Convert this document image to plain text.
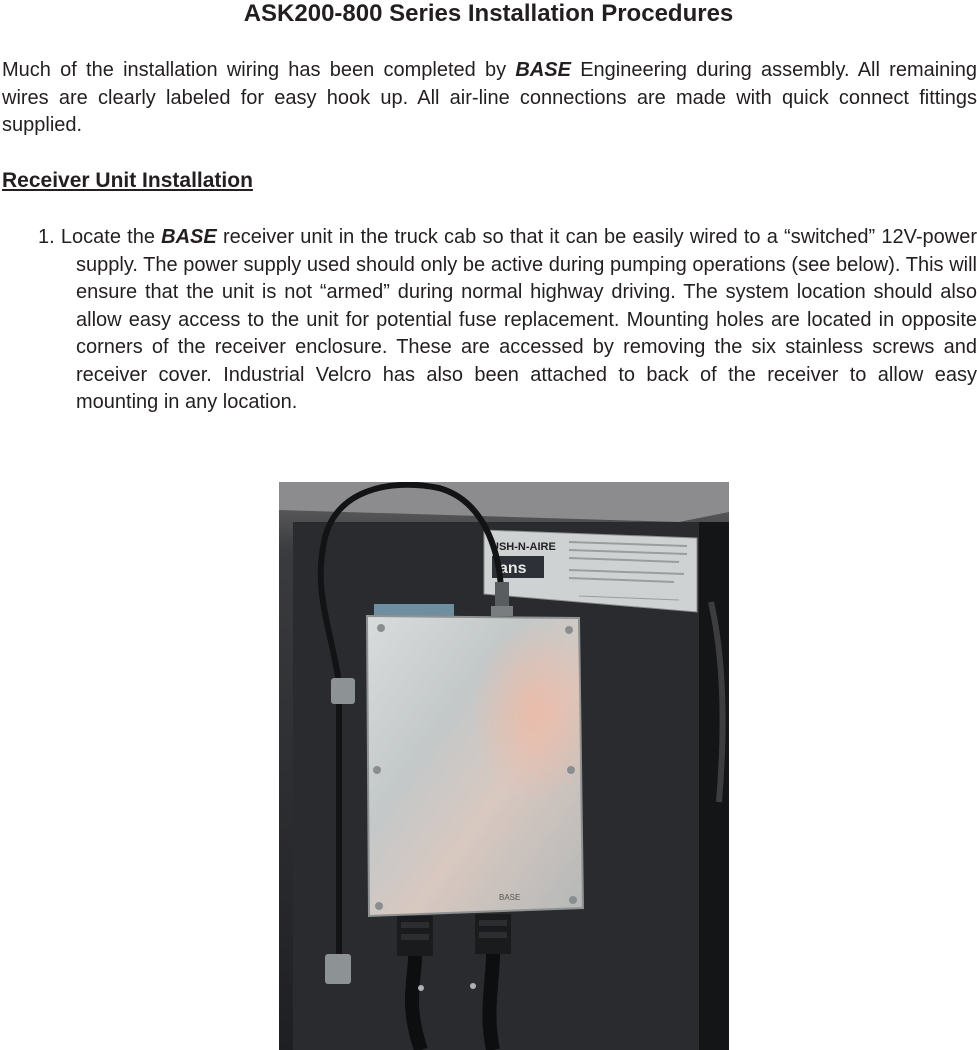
ASK200-800 Series Installation Procedures

Much of the installation wiring has been completed by BASE Engineering during assembly. All remaining wires are clearly labeled for easy hook up. All air-line connections are made with quick connect fittings supplied.

Receiver Unit Installation

1. Locate the BASE receiver unit in the truck cab so that it can be easily wired to a “switched” 12V-power supply. The power supply used should only be active during pumping operations (see below). This will ensure that the unit is not “armed” during normal highway driving. The system location should also allow easy access to the unit for potential fuse replacement. Mounting holes are located in opposite corners of the receiver enclosure. These are accessed by removing the six stainless screws and receiver cover. Industrial Velcro has also been attached to back of the receiver to allow easy mounting in any location.

USH-N-AIRE
ans
BASE
